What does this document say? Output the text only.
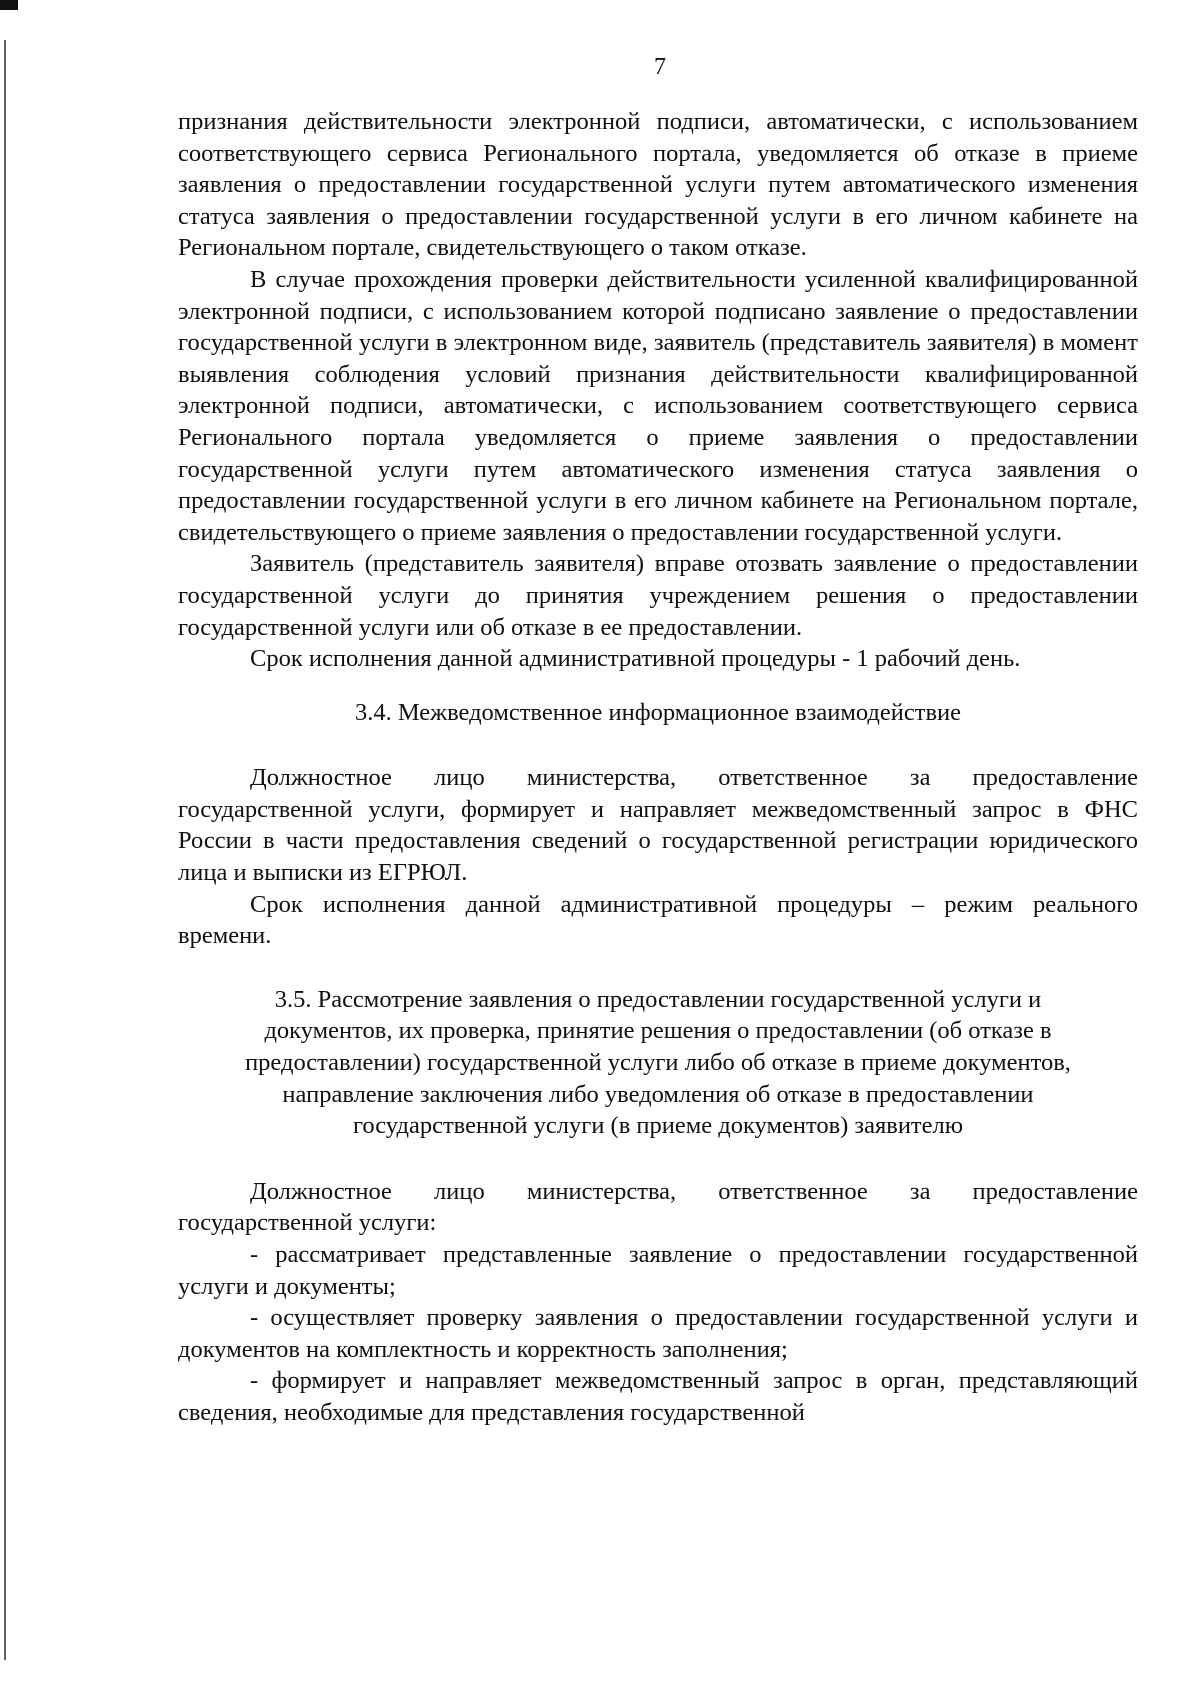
7

признания действительности электронной подписи, автоматически, с использованием соответствующего сервиса Регионального портала, уведомляется об отказе в приеме заявления о предоставлении государственной услуги путем автоматического изменения статуса заявления о предоставлении государственной услуги в его личном кабинете на Региональном портале, свидетельствующего о таком отказе.

В случае прохождения проверки действительности усиленной квалифицированной электронной подписи, с использованием которой подписано заявление о предоставлении государственной услуги в электронном виде, заявитель (представитель заявителя) в момент выявления соблюдения условий признания действительности квалифицированной электронной подписи, автоматически, с использованием соответствующего сервиса Регионального портала уведомляется о приеме заявления о предоставлении государственной услуги путем автоматического изменения статуса заявления о предоставлении государственной услуги в его личном кабинете на Региональном портале, свидетельствующего о приеме заявления о предоставлении государственной услуги.

Заявитель (представитель заявителя) вправе отозвать заявление о предоставлении государственной услуги до принятия учреждением решения о предоставлении государственной услуги или об отказе в ее предоставлении.

Срок исполнения данной административной процедуры - 1 рабочий день.

3.4. Межведомственное информационное взаимодействие

Должностное лицо министерства, ответственное за предоставление государственной услуги, формирует и направляет межведомственный запрос в ФНС России в части предоставления сведений о государственной регистрации юридического лица и выписки из ЕГРЮЛ.

Срок исполнения данной административной процедуры – режим реального времени.

3.5. Рассмотрение заявления о предоставлении государственной услуги и
документов, их проверка, принятие решения о предоставлении (об отказе в
предоставлении) государственной услуги либо об отказе в приеме документов,
направление заключения либо уведомления об отказе в предоставлении
государственной услуги (в приеме документов) заявителю

Должностное лицо министерства, ответственное за предоставление государственной услуги:

- рассматривает представленные заявление о предоставлении государственной услуги и документы;

- осуществляет проверку заявления о предоставлении государственной услуги и документов на комплектность и корректность заполнения;

- формирует и направляет межведомственный запрос в орган, представляющий сведения, необходимые для представления государственной
